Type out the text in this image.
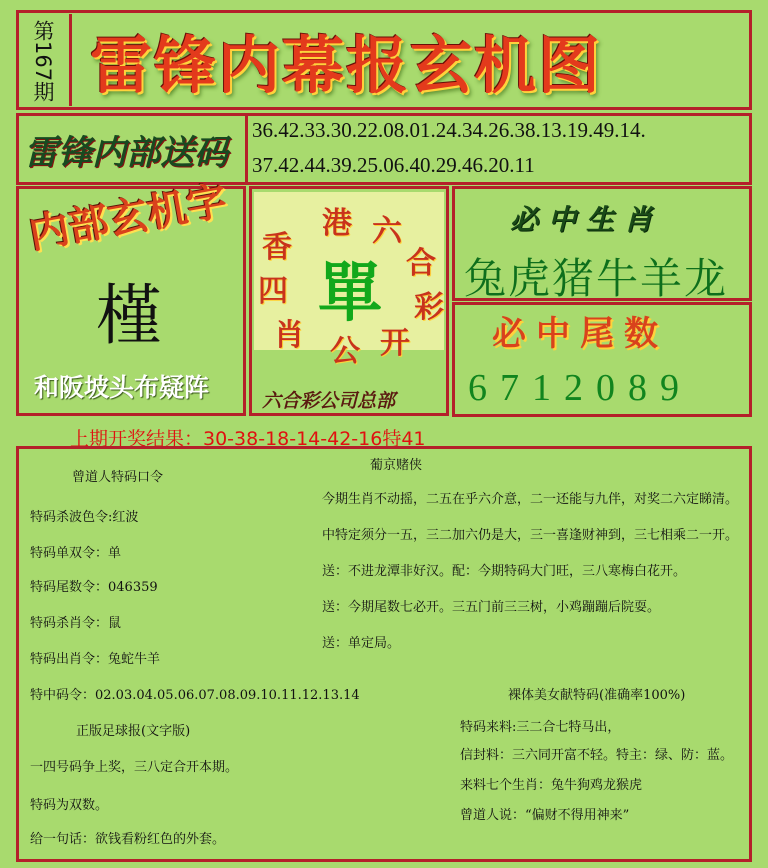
第167期 雷锋内幕报玄机图
雷锋内部送码
36.42.33.30.22.08.01.24.34.26.38.13.19.49.14.
37.42.44.39.25.06.40.29.46.20.11
内部玄机字
槿
和阪坡头布疑阵
香
港 六
合
彩
四
肖 公 开
單
六合彩公司总部
必中生肖
兔虎猪牛羊龙
必中尾数
6712089
上期开奖结果：30-38-18-14-42-16特41
曾道人特码口令
特码杀波色令:红波
特码单双令：单
特码尾数令：046359
特码杀肖令：鼠
特码出肖令：兔蛇牛羊
特中码令：02.03.04.05.06.07.08.09.10.11.12.13.14
正版足球报(文字版)
一四号码争上奖，三八定合开本期。
特码为双数。
给一句话：欲钱看粉红色的外套。
葡京赌侠
今期生肖不动摇，二五在乎六介意，二一还能与九伴，对奖二六定睇清。
中特定须分一五，三二加六仍是大，三一喜逢财神到，三七相乘二一开。
送：不进龙潭非好汉。配：今期特码大门旺，三八寒梅白花开。
送：今期尾数七必开。三五门前三三树，小鸡蹦蹦后院耍。
送：单定局。
裸体美女献特码(准确率100%)
特码来料:三二合七特马出，
信封料：三六同开富不轻。特主：绿、防：蓝。
来料七个生肖：兔牛狗鸡龙猴虎
曾道人说：“偏财不得用神来”
